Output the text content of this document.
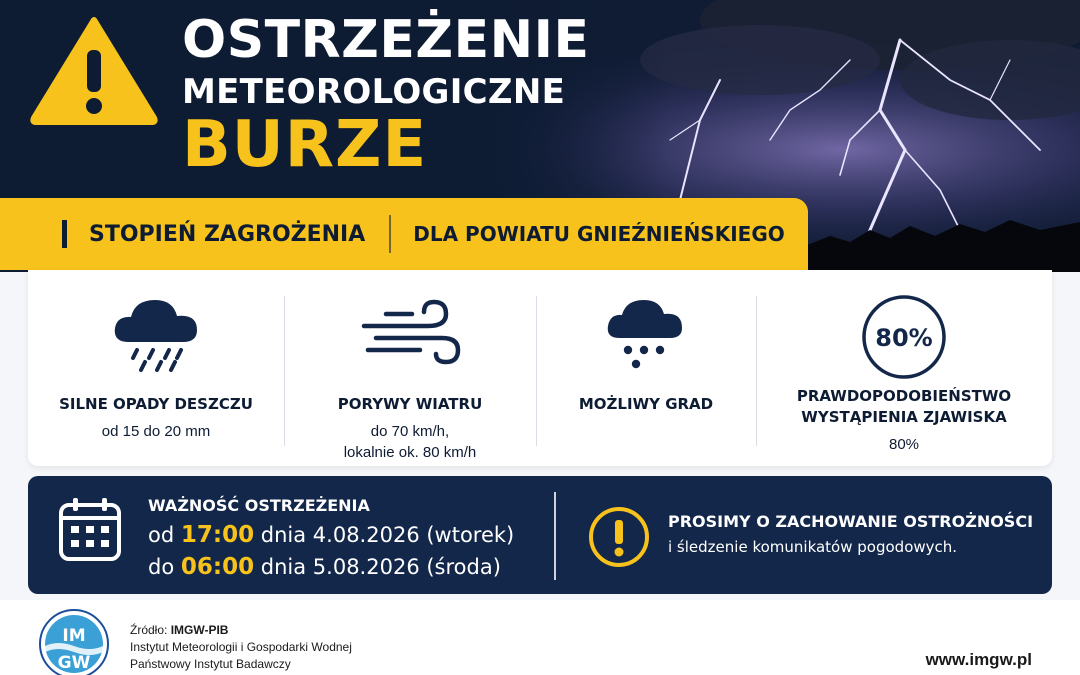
OSTRZEŻENIE
METEOROLOGICZNE
BURZE
STOPIEŃ ZAGROŻENIA DLA POWIATU GNIEŹNIEŃSKIEGO
SILNE OPADY DESZCZU
od 15 do 20 mm
PORYWY WIATRU
do 70 km/h,
lokalnie ok. 80 km/h
MOŻLIWY GRAD
80%
PRAWDOPODOBIEŃSTWO
WYSTĄPIENIA ZJAWISKA
80%
WAŻNOŚĆ OSTRZEŻENIA
od 17:00 dnia 4.08.2026 (wtorek)
do 06:00 dnia 5.08.2026 (środa)
PROSIMY O ZACHOWANIE OSTROŻNOŚCI
i śledzenie komunikatów pogodowych.
IM
GW
Źródło: IMGW-PIB
Instytut Meteorologii i Gospodarki Wodnej
Państwowy Instytut Badawczy	www.imgw.pl
